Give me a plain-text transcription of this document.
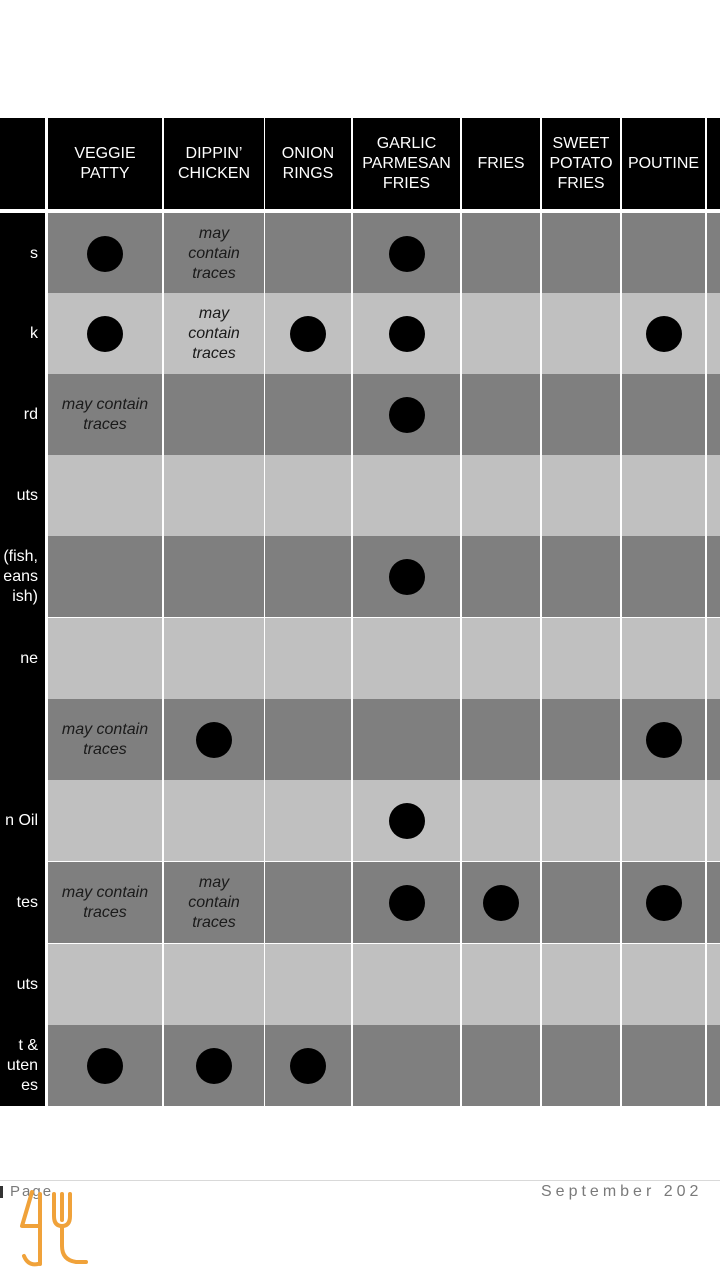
VEGGIE
PATTY
DIPPIN’
CHICKEN
ONION
RINGS
GARLIC
PARMESAN
FRIES
FRIES
SWEET
POTATO
FRIES
POUTINE
s
may
contain
traces
k
may
contain
traces
rd
may contain
traces
uts
(fish,
eans
ish)
ne
may contain
traces
n Oil
tes
may contain
traces
may
contain
traces
uts
t &
uten
es
Page	September 202
